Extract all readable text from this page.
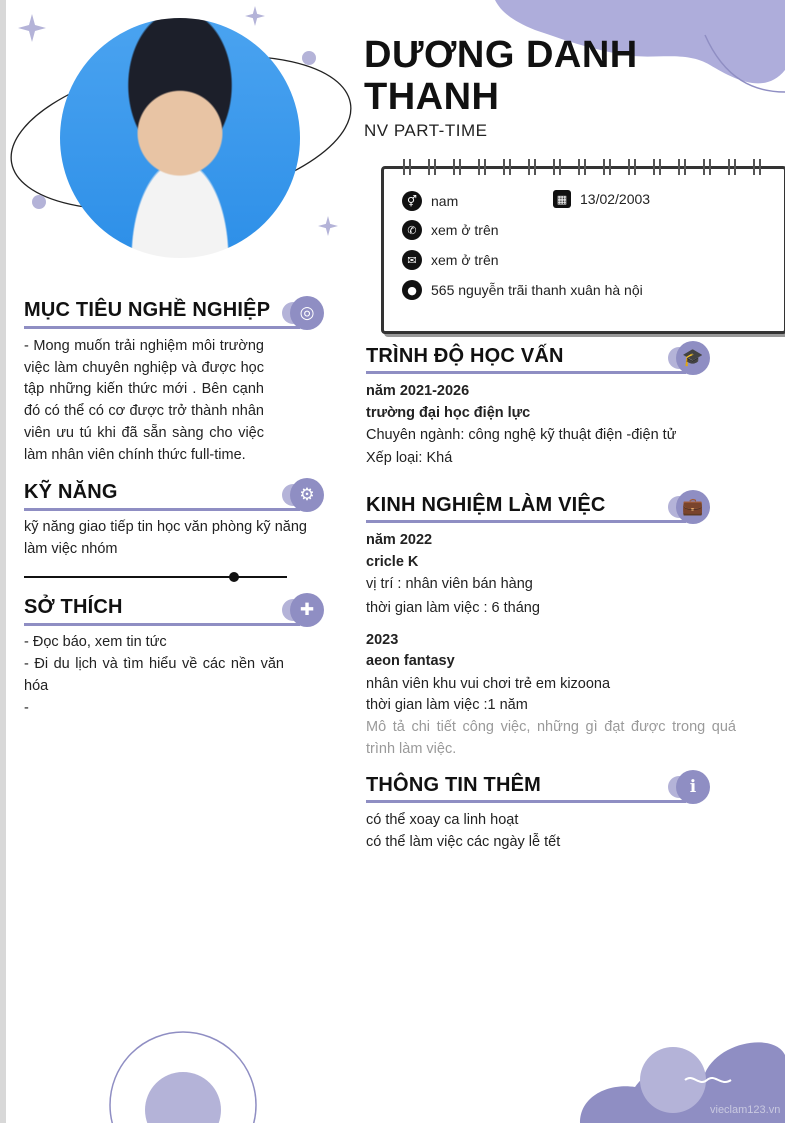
DƯƠNG DANH
THANH
NV PART-TIME
⚥	nam	▦ 13/02/2003
✆	xem ở trên
✉	xem ở trên
●	565 nguyễn trãi thanh xuân hà nội
MỤC TIÊU NGHỀ NGHIỆP	◎
- Mong muốn trải nghiệm môi trường việc làm chuyên nghiệp và được học tập những kiến thức mới . Bên cạnh đó có thể có cơ được trở thành nhân viên ưu tú khi đã sẵn sàng cho việc làm nhân viên chính thức full-time.
KỸ NĂNG	⚙
kỹ năng giao tiếp tin học văn phòng kỹ năng làm việc nhóm
SỞ THÍCH	✚
- Đọc báo, xem tin tức
- Đi du lịch và tìm hiểu về các nền văn hóa
-
TRÌNH ĐỘ HỌC VẤN	🎓
năm 2021-2026
trường đại học điện lực
Chuyên ngành: công nghệ kỹ thuật điện -điện tử
Xếp loại: Khá
KINH NGHIỆM LÀM VIỆC	💼
năm 2022
cricle K
vị trí : nhân viên bán hàng
thời gian làm việc : 6 tháng
2023
aeon fantasy
nhân viên khu vui chơi trẻ em kizoona
thời gian làm việc :1 năm
Mô tả chi tiết công việc, những gì đạt được trong quá trình làm việc.
THÔNG TIN THÊM	ℹ
có thể xoay ca linh hoạt
có thể làm việc các ngày lễ tết
vieclam123.vn
